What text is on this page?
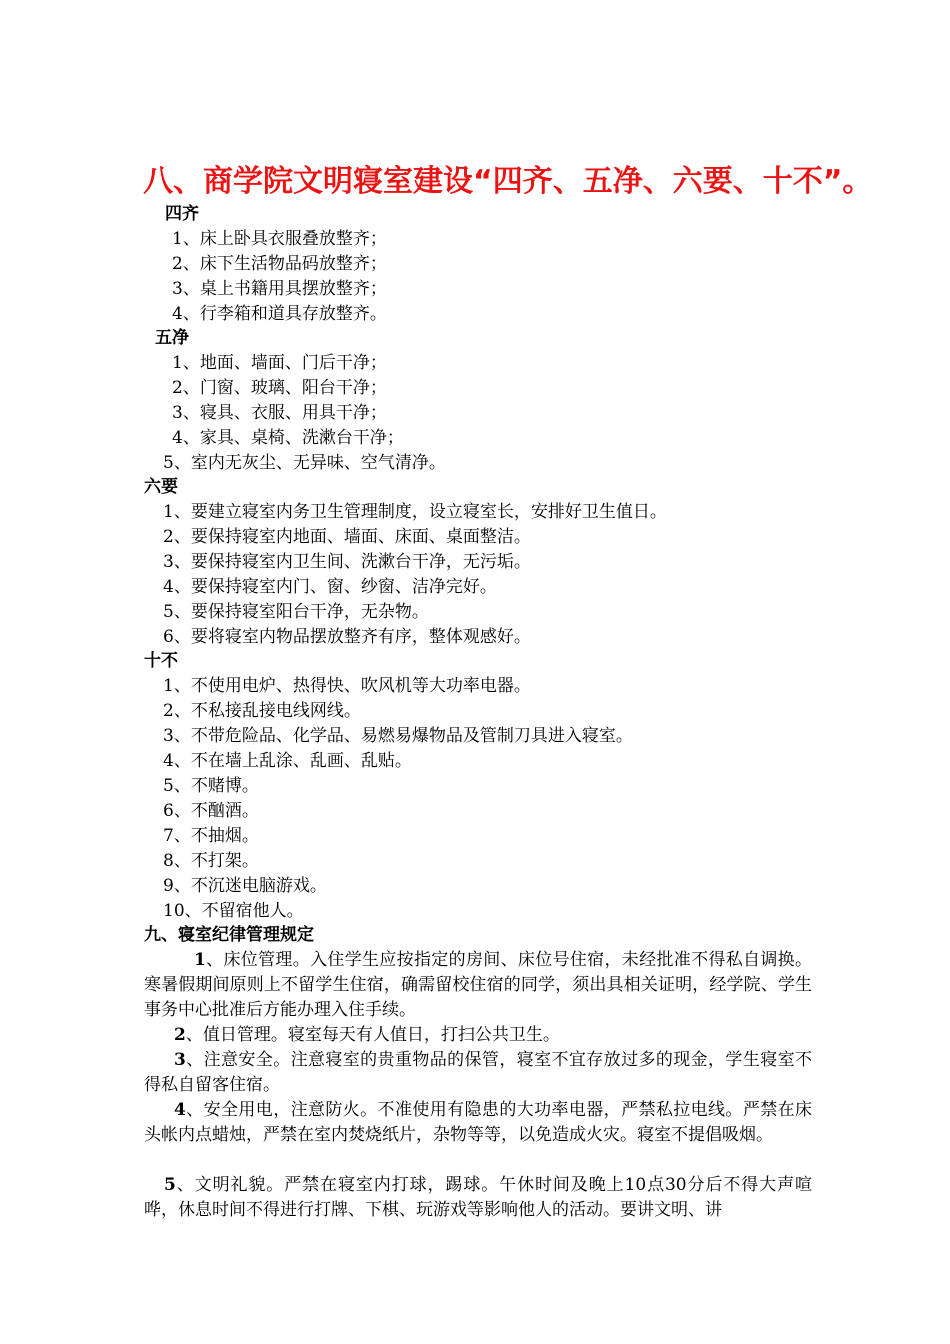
八、商学院文明寝室建设“四齐、五净、六要、十不”。
四齐
1、床上卧具衣服叠放整齐；
2、床下生活物品码放整齐；
3、桌上书籍用具摆放整齐；
4、行李箱和道具存放整齐。
五净
1、地面、墙面、门后干净；
2、门窗、玻璃、阳台干净；
3、寝具、衣服、用具干净；
4、家具、桌椅、洗漱台干净；
5、室内无灰尘、无异味、空气清净。
六要
1、要建立寝室内务卫生管理制度，设立寝室长，安排好卫生值日。
2、要保持寝室内地面、墙面、床面、桌面整洁。
3、要保持寝室内卫生间、洗漱台干净，无污垢。
4、要保持寝室内门、窗、纱窗、洁净完好。
5、要保持寝室阳台干净，无杂物。
6、要将寝室内物品摆放整齐有序，整体观感好。
十不
1、不使用电炉、热得快、吹风机等大功率电器。
2、不私接乱接电线网线。
3、不带危险品、化学品、易燃易爆物品及管制刀具进入寝室。
4、不在墙上乱涂、乱画、乱贴。
5、不赌博。
6、不酗酒。
7、不抽烟。
8、不打架。
9、不沉迷电脑游戏。
10、不留宿他人。
九、寝室纪律管理规定
1、床位管理。入住学生应按指定的房间、床位号住宿，未经批准不得私自调换。寒暑假期间原则上不留学生住宿，确需留校住宿的同学，须出具相关证明，经学院、学生事务中心批准后方能办理入住手续。
2、值日管理。寝室每天有人值日，打扫公共卫生。
3、注意安全。注意寝室的贵重物品的保管，寝室不宜存放过多的现金，学生寝室不得私自留客住宿。
4、安全用电，注意防火。不准使用有隐患的大功率电器，严禁私拉电线。严禁在床头帐内点蜡烛，严禁在室内焚烧纸片，杂物等等，以免造成火灾。寝室不提倡吸烟。
5、文明礼貌。严禁在寝室内打球，踢球。午休时间及晚上10点30分后不得大声喧哗，休息时间不得进行打牌、下棋、玩游戏等影响他人的活动。要讲文明、讲
